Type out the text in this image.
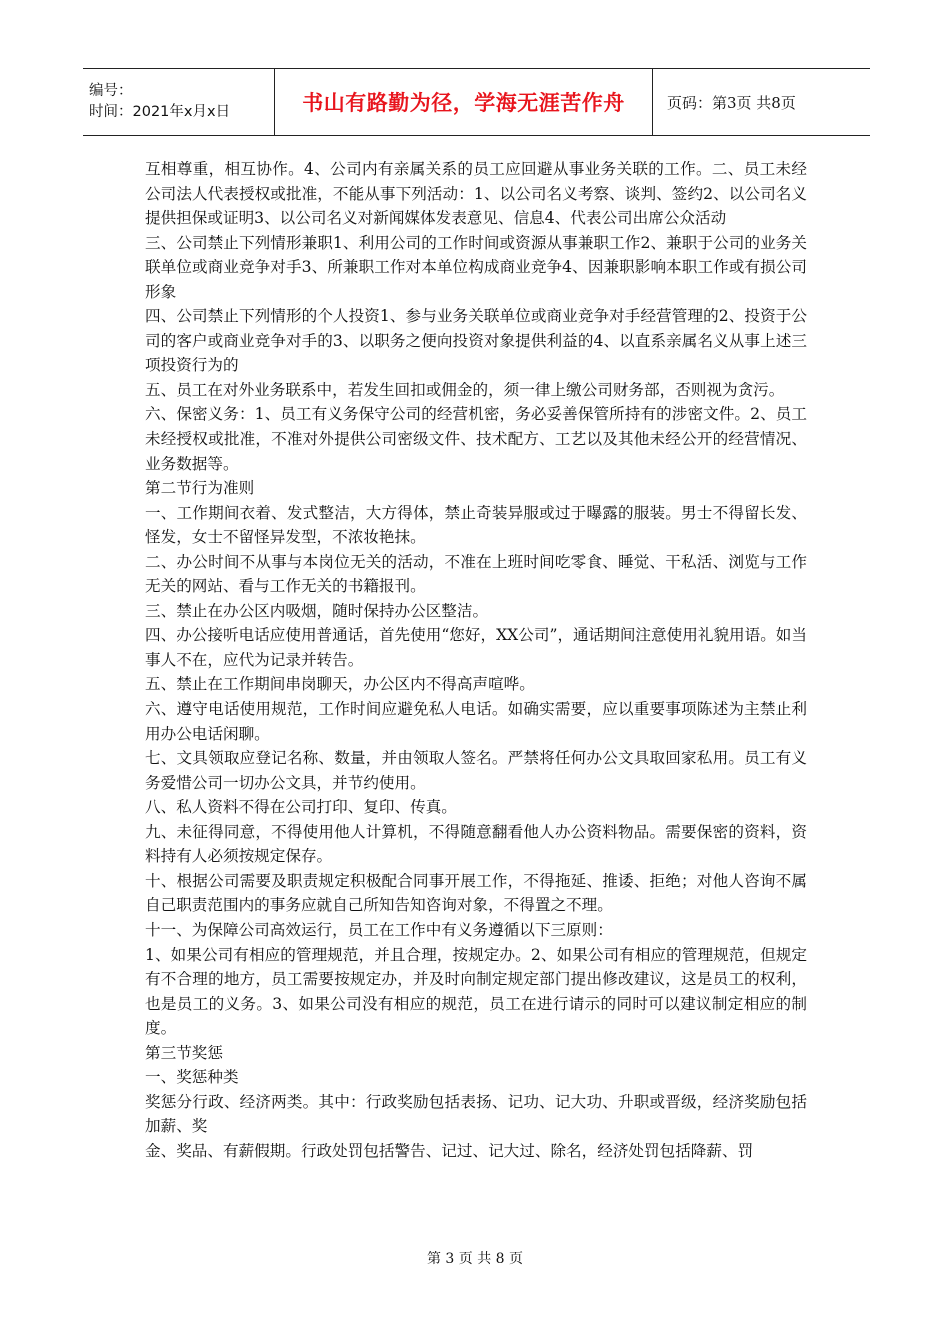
编号：
时间：2021年x月x日	书山有路勤为径，学海无涯苦作舟	页码：第3页 共8页

互相尊重，相互协作。4、公司内有亲属关系的员工应回避从事业务关联的工作。二、员工未经公司法人代表授权或批准，不能从事下列活动：1、以公司名义考察、谈判、签约2、以公司名义提供担保或证明3、以公司名义对新闻媒体发表意见、信息4、代表公司出席公众活动

三、公司禁止下列情形兼职1、利用公司的工作时间或资源从事兼职工作2、兼职于公司的业务关联单位或商业竞争对手3、所兼职工作对本单位构成商业竞争4、因兼职影响本职工作或有损公司形象

四、公司禁止下列情形的个人投资1、参与业务关联单位或商业竞争对手经营管理的2、投资于公司的客户或商业竞争对手的3、以职务之便向投资对象提供利益的4、以直系亲属名义从事上述三项投资行为的

五、员工在对外业务联系中，若发生回扣或佣金的，须一律上缴公司财务部，否则视为贪污。

六、保密义务：1、员工有义务保守公司的经营机密，务必妥善保管所持有的涉密文件。2、员工未经授权或批准，不准对外提供公司密级文件、技术配方、工艺以及其他未经公开的经营情况、业务数据等。

第二节行为准则

一、工作期间衣着、发式整洁，大方得体，禁止奇装异服或过于曝露的服装。男士不得留长发、怪发，女士不留怪异发型，不浓妆艳抹。

二、办公时间不从事与本岗位无关的活动，不准在上班时间吃零食、睡觉、干私活、浏览与工作无关的网站、看与工作无关的书籍报刊。

三、禁止在办公区内吸烟，随时保持办公区整洁。

四、办公接听电话应使用普通话，首先使用“您好，XX公司”，通话期间注意使用礼貌用语。如当事人不在，应代为记录并转告。

五、禁止在工作期间串岗聊天，办公区内不得高声喧哗。

六、遵守电话使用规范，工作时间应避免私人电话。如确实需要，应以重要事项陈述为主禁止利用办公电话闲聊。

七、文具领取应登记名称、数量，并由领取人签名。严禁将任何办公文具取回家私用。员工有义务爱惜公司一切办公文具，并节约使用。

八、私人资料不得在公司打印、复印、传真。

九、未征得同意，不得使用他人计算机，不得随意翻看他人办公资料物品。需要保密的资料，资料持有人必须按规定保存。

十、根据公司需要及职责规定积极配合同事开展工作，不得拖延、推诿、拒绝；对他人咨询不属自己职责范围内的事务应就自己所知告知咨询对象，不得置之不理。

十一、为保障公司高效运行，员工在工作中有义务遵循以下三原则：

1、如果公司有相应的管理规范，并且合理，按规定办。2、如果公司有相应的管理规范，但规定有不合理的地方，员工需要按规定办，并及时向制定规定部门提出修改建议，这是员工的权利，也是员工的义务。3、如果公司没有相应的规范，员工在进行请示的同时可以建议制定相应的制度。

第三节奖惩

一、奖惩种类

奖惩分行政、经济两类。其中：行政奖励包括表扬、记功、记大功、升职或晋级，经济奖励包括加薪、奖

金、奖品、有薪假期。行政处罚包括警告、记过、记大过、除名，经济处罚包括降薪、罚

第 3 页 共 8 页
